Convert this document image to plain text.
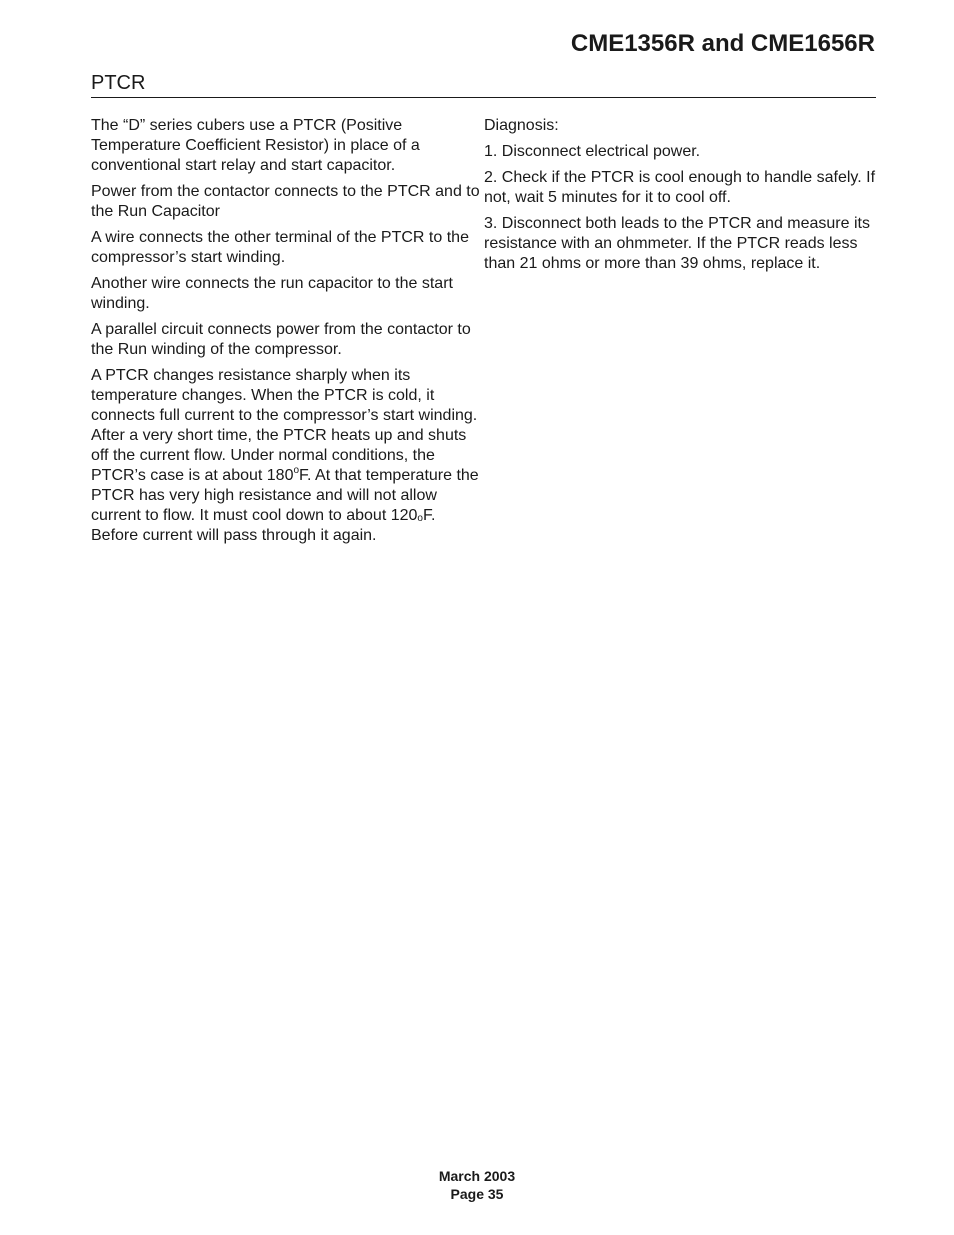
CME1356R and CME1656R
PTCR

The “D” series cubers use a PTCR (Positive Temperature Coefficient Resistor) in place of a conventional start relay and start capacitor.

Power from the contactor connects to the PTCR and to the Run Capacitor

A wire connects the other terminal of the PTCR to the compressor’s start winding.

Another wire connects the run capacitor to the start winding.

A parallel circuit connects power from the contactor to the Run winding of the compressor.

A PTCR changes resistance sharply when its temperature changes. When the PTCR is cold, it connects full current to the compressor’s start winding. After a very short time, the PTCR heats up and shuts off the current flow. Under normal conditions, the PTCR’s case is at about 180$^o$F. At that temperature the PTCR has very high resistance and will not allow current to flow. It must cool down to about 120oF. Before current will pass through it again.

Diagnosis:

1. Disconnect electrical power.

2. Check if the PTCR is cool enough to handle safely. If not, wait 5 minutes for it to cool off.

3. Disconnect both leads to the PTCR and measure its resistance with an ohmmeter. If the PTCR reads less than 21 ohms or more than 39 ohms, replace it.

March 2003
Page 35
